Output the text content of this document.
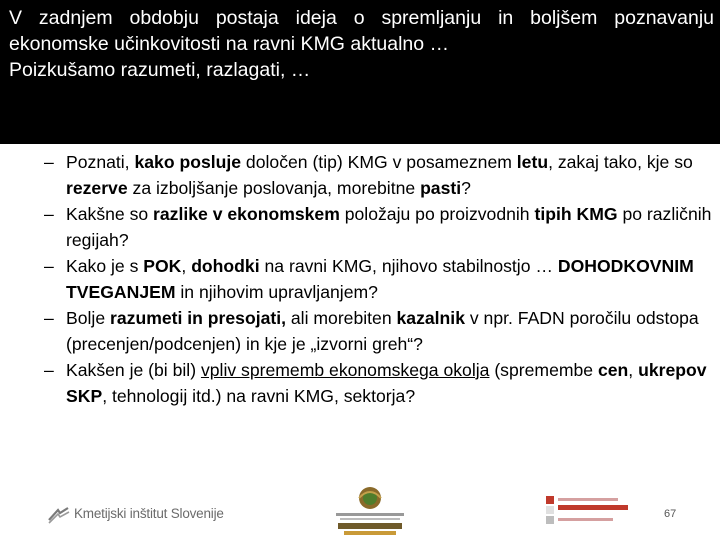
V zadnjem obdobju postaja ideja o spremljanju in boljšem poznavanju ekonomske učinkovitosti na ravni KMG aktualno …

Poizkušamo razumeti, razlagati, …

– Poznati, kako posluje določen (tip) KMG v posameznem letu, zakaj tako, kje so rezerve za izboljšanje poslovanja, morebitne pasti?
– Kakšne so razlike v ekonomskem položaju po proizvodnih tipih KMG po različnih regijah?
– Kako je s POK, dohodki na ravni KMG, njihovo stabilnostjo … DOHODKOVNIM TVEGANJEM in njihovim upravljanjem?
– Bolje razumeti in presojati, ali morebiten kazalnik v npr. FADN poročilu odstopa (precenjen/podcenjen) in kje je „izvorni greh“?
– Kakšen je (bi bil) vpliv sprememb ekonomskega okolja (spremembe cen, ukrepov SKP, tehnologij itd.) na ravni KMG, sektorja?
Kmetijski inštitut Slovenije	67
